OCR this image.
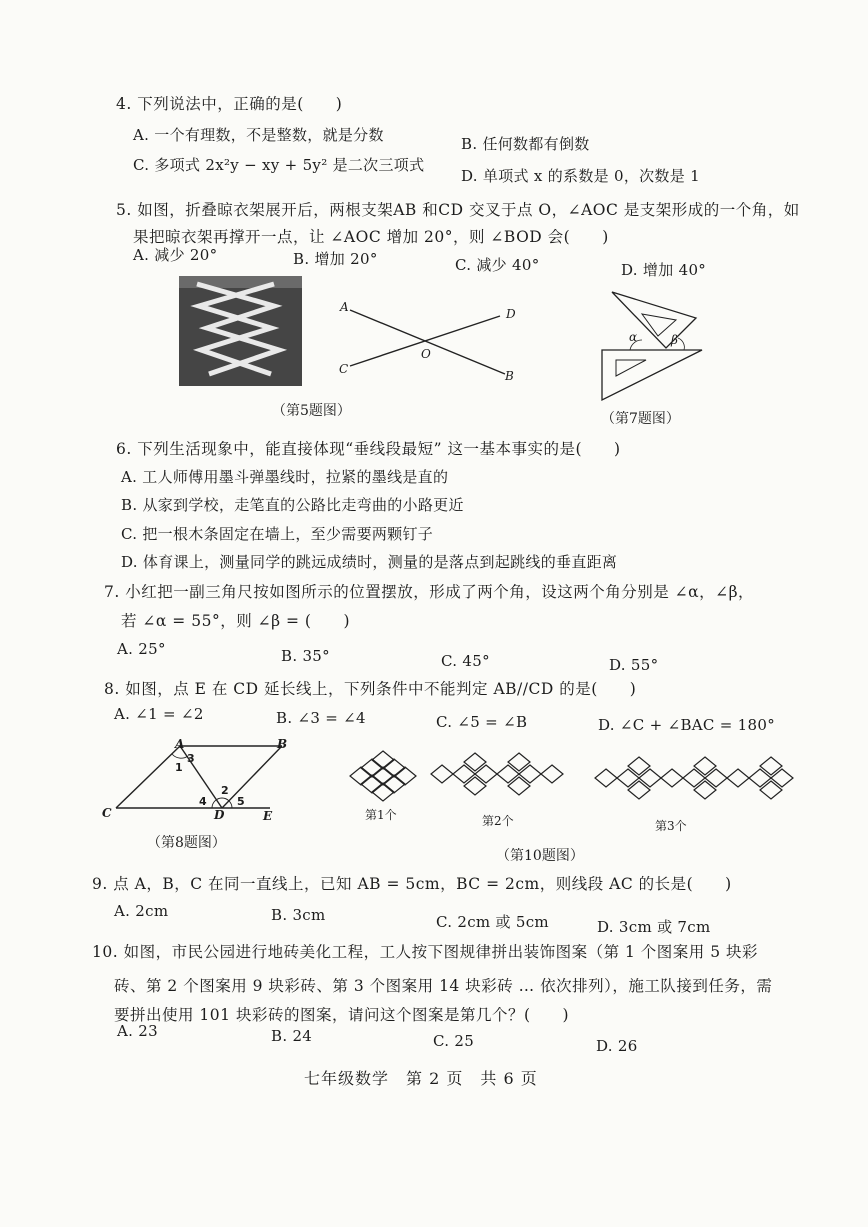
4. 下列说法中，正确的是(　　)
A. 一个有理数，不是整数，就是分数	B. 任何数都有倒数
C. 多项式 2x²y − xy + 5y² 是二次三项式
D. 单项式 x 的系数是 0，次数是 1
5. 如图，折叠晾衣架展开后，两根支架AB 和CD 交叉于点 O，∠AOC 是支架形成的一个角，如
果把晾衣架再撑开一点，让 ∠AOC 增加 20°，则 ∠BOD 会(　　)
A. 减少 20°	B. 增加 20°	C. 减少 40°	D. 增加 40°
A	D
O
C	B
（第5题图）
α	β
（第7题图）
6. 下列生活现象中，能直接体现“垂线段最短” 这一基本事实的是(　　)
A. 工人师傅用墨斗弹墨线时，拉紧的墨线是直的
B. 从家到学校，走笔直的公路比走弯曲的小路更近
C. 把一根木条固定在墙上，至少需要两颗钉子
D. 体育课上，测量同学的跳远成绩时，测量的是落点到起跳线的垂直距离
7. 小红把一副三角尺按如图所示的位置摆放，形成了两个角，设这两个角分别是 ∠α，∠β，
若 ∠α = 55°，则 ∠β = (　　)
A. 25°	B. 35°	C. 45°	D. 55°
8. 如图，点 E 在 CD 延长线上，下列条件中不能判定 AB//CD 的是(　　)
A. ∠1 = ∠2	B. ∠3 = ∠4	C. ∠5 = ∠B	D. ∠C + ∠BAC = 180°
A	B
1
3
2
4	5
C	D	E
（第8题图）
第1个	第2个	第3个
（第10题图）
9. 点 A，B，C 在同一直线上，已知 AB = 5cm，BC = 2cm，则线段 AC 的长是(　　)
A. 2cm	B. 3cm	C. 2cm 或 5cm	D. 3cm 或 7cm
10. 如图，市民公园进行地砖美化工程，工人按下图规律拼出装饰图案（第 1 个图案用 5 块彩
砖、第 2 个图案用 9 块彩砖、第 3 个图案用 14 块彩砖 … 依次排列），施工队接到任务，需
要拼出使用 101 块彩砖的图案，请问这个图案是第几个？(　　)
A. 23	B. 24	C. 25	D. 26
七年级数学　第 2 页　共 6 页
